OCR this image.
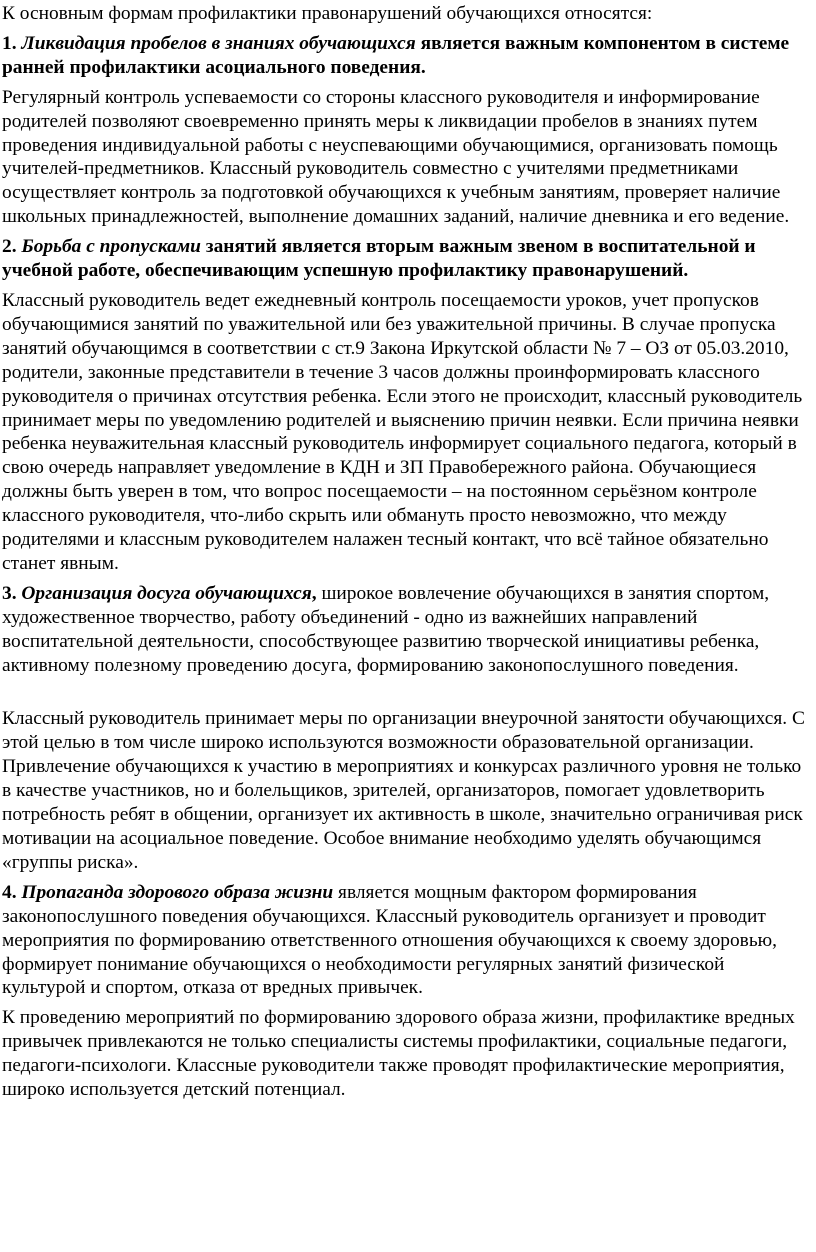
К основным формам профилактики правонарушений обучающихся относятся:

1. Ликвидация пробелов в знаниях обучающихся является важным компонентом в системе ранней профилактики асоциального поведения.

Регулярный контроль успеваемости со стороны классного руководителя и информирование родителей позволяют своевременно принять меры к ликвидации пробелов в знаниях путем проведения индивидуальной работы с неуспевающими обучающимися, организовать помощь учителей-предметников. Классный руководитель совместно с учителями предметниками осуществляет контроль за подготовкой обучающихся к учебным занятиям, проверяет наличие школьных принадлежностей, выполнение домашних заданий, наличие дневника и его ведение.

2. Борьба с пропусками занятий является вторым важным звеном в воспитательной и учебной работе, обеспечивающим успешную профилактику правонарушений.

Классный руководитель ведет ежедневный контроль посещаемости уроков, учет пропусков обучающимися занятий по уважительной или без уважительной причины. В случае пропуска занятий обучающимся в соответствии с ст.9 Закона Иркутской области № 7 – ОЗ от 05.03.2010, родители, законные представители в течение 3 часов должны проинформировать классного руководителя о причинах отсутствия ребенка. Если этого не происходит, классный руководитель принимает меры по уведомлению родителей и выяснению причин неявки. Если причина неявки ребенка неуважительная классный руководитель информирует социального педагога, который в свою очередь направляет уведомление в КДН и ЗП Правобережного района. Обучающиеся должны быть уверен в том, что вопрос посещаемости – на постоянном серьёзном контроле классного руководителя, что-либо скрыть или обмануть просто невозможно, что между родителями и классным руководителем налажен тесный контакт, что всё тайное обязательно станет явным.

3. Организация досуга обучающихся, широкое вовлечение обучающихся в занятия спортом, художественное творчество, работу объединений - одно из важнейших направлений воспитательной деятельности, способствующее развитию творческой инициативы ребенка, активному полезному проведению досуга, формированию законопослушного поведения.

Классный руководитель принимает меры по организации внеурочной занятости обучающихся. С этой целью в том числе широко используются возможности образовательной организации. Привлечение обучающихся к участию в мероприятиях и конкурсах различного уровня не только в качестве участников, но и болельщиков, зрителей, организаторов, помогает удовлетворить потребность ребят в общении, организует их активность в школе, значительно ограничивая риск мотивации на асоциальное поведение. Особое внимание необходимо уделять обучающимся «группы риска».

4. Пропаганда здорового образа жизни является мощным фактором формирования законопослушного поведения обучающихся. Классный руководитель организует и проводит мероприятия по формированию ответственного отношения обучающихся к своему здоровью, формирует понимание обучающихся о необходимости регулярных занятий физической культурой и спортом, отказа от вредных привычек.

К проведению мероприятий по формированию здорового образа жизни, профилактике вредных привычек привлекаются не только специалисты системы профилактики, социальные педагоги, педагоги-психологи. Классные руководители также проводят профилактические мероприятия, широко используется детский потенциал.
